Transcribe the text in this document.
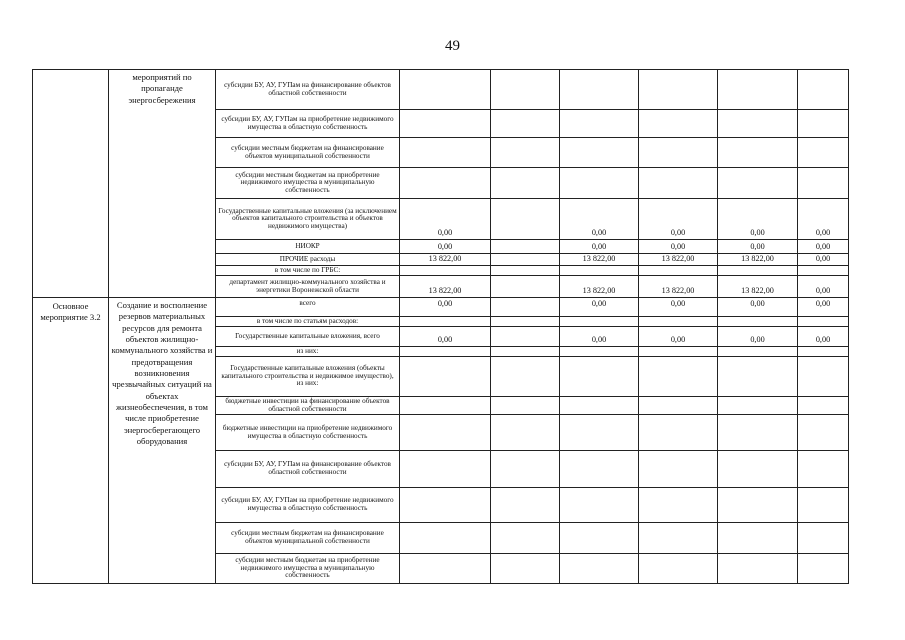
49
	мероприятий по пропаганде энергосбережения	субсидии БУ, АУ, ГУПам на финансирование объектов областной собственности						
		субсидии БУ, АУ, ГУПам на приобретение недвижимого имущества в областную собственность						
		субсидии местным бюджетам на финансирование объектов муниципальной собственности						
		субсидии местным бюджетам на приобретение недвижимого имущества в муниципальную собственность						
		Государственные капитальные вложения (за исключением объектов капитального строительства и объектов недвижимого имущества)	0,00		0,00	0,00	0,00	0,00
		НИОКР	0,00		0,00	0,00	0,00	0,00
		ПРОЧИЕ расходы	13 822,00		13 822,00	13 822,00	13 822,00	0,00
		в том числе по ГРБС:						
		департамент жилищно-коммунального хозяйства и энергетики Воронежской области	13 822,00		13 822,00	13 822,00	13 822,00	0,00
Основное мероприятие 3.2	Создание и восполнение резервов материальных ресурсов для ремонта объектов жилищно-коммунального хозяйства и предотвращения возникновения чрезвычайных ситуаций на объектах жизнеобеспечения, в том числе приобретение энергосберегающего оборудования	всего	0,00		0,00	0,00	0,00	0,00
		в том числе по статьям расходов:						
		Государственные капитальные вложения, всего	0,00		0,00	0,00	0,00	0,00
		из них:						
		Государственные капитальные вложения (объекты капитального строительства и недвижимое имущество), из них:						
		бюджетные инвестиции на финансирование объектов областной собственности						
		бюджетные инвестиции на приобретение недвижимого имущества в областную собственность						
		субсидии БУ, АУ, ГУПам на финансирование объектов областной собственности						
		субсидии БУ, АУ, ГУПам на приобретение недвижимого имущества в областную собственность						
		субсидии местным бюджетам на финансирование объектов муниципальной собственности						
		субсидии местным бюджетам на приобретение недвижимого имущества в муниципальную собственность						
